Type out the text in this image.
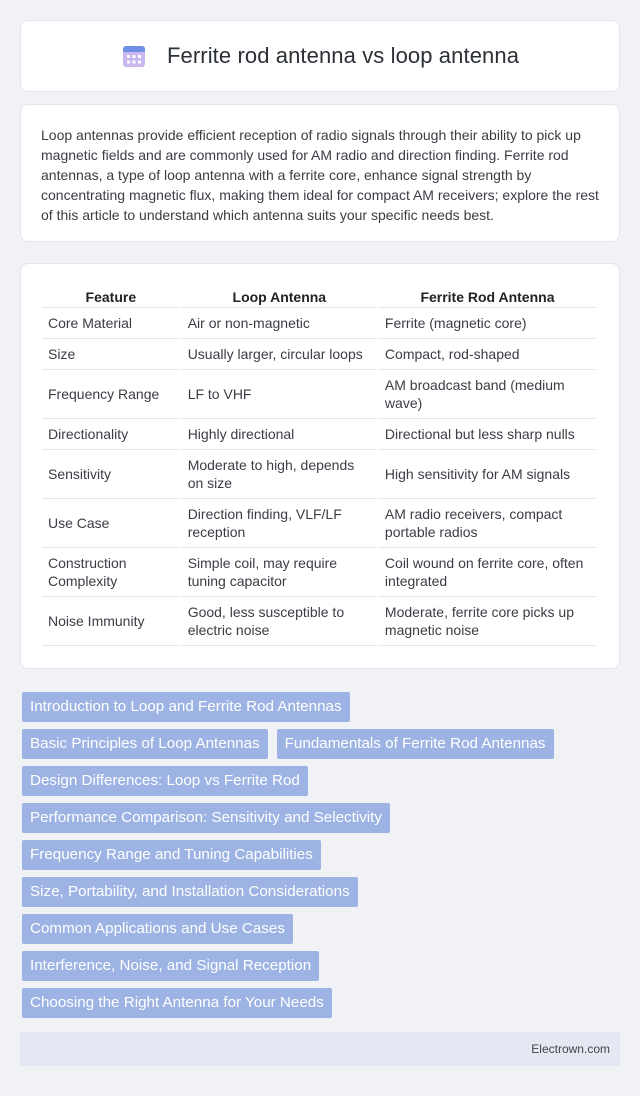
Ferrite rod antenna vs loop antenna

Loop antennas provide efficient reception of radio signals through their ability to pick up magnetic fields and are commonly used for AM radio and direction finding. Ferrite rod antennas, a type of loop antenna with a ferrite core, enhance signal strength by concentrating magnetic flux, making them ideal for compact AM receivers; explore the rest of this article to understand which antenna suits your specific needs best.

Feature	Loop Antenna	Ferrite Rod Antenna
Core Material	Air or non-magnetic	Ferrite (magnetic core)
Size	Usually larger, circular loops	Compact, rod-shaped
Frequency Range	LF to VHF	AM broadcast band (medium wave)
Directionality	Highly directional	Directional but less sharp nulls
Sensitivity	Moderate to high, depends on size	High sensitivity for AM signals
Use Case	Direction finding, VLF/LF reception	AM radio receivers, compact portable radios
Construction Complexity	Simple coil, may require tuning capacitor	Coil wound on ferrite core, often integrated
Noise Immunity	Good, less susceptible to electric noise	Moderate, ferrite core picks up magnetic noise
Introduction to Loop and Ferrite Rod Antennas
Basic Principles of Loop Antennas	Fundamentals of Ferrite Rod Antennas
Design Differences: Loop vs Ferrite Rod
Performance Comparison: Sensitivity and Selectivity
Frequency Range and Tuning Capabilities
Size, Portability, and Installation Considerations
Common Applications and Use Cases
Interference, Noise, and Signal Reception
Choosing the Right Antenna for Your Needs
Electrown.com
